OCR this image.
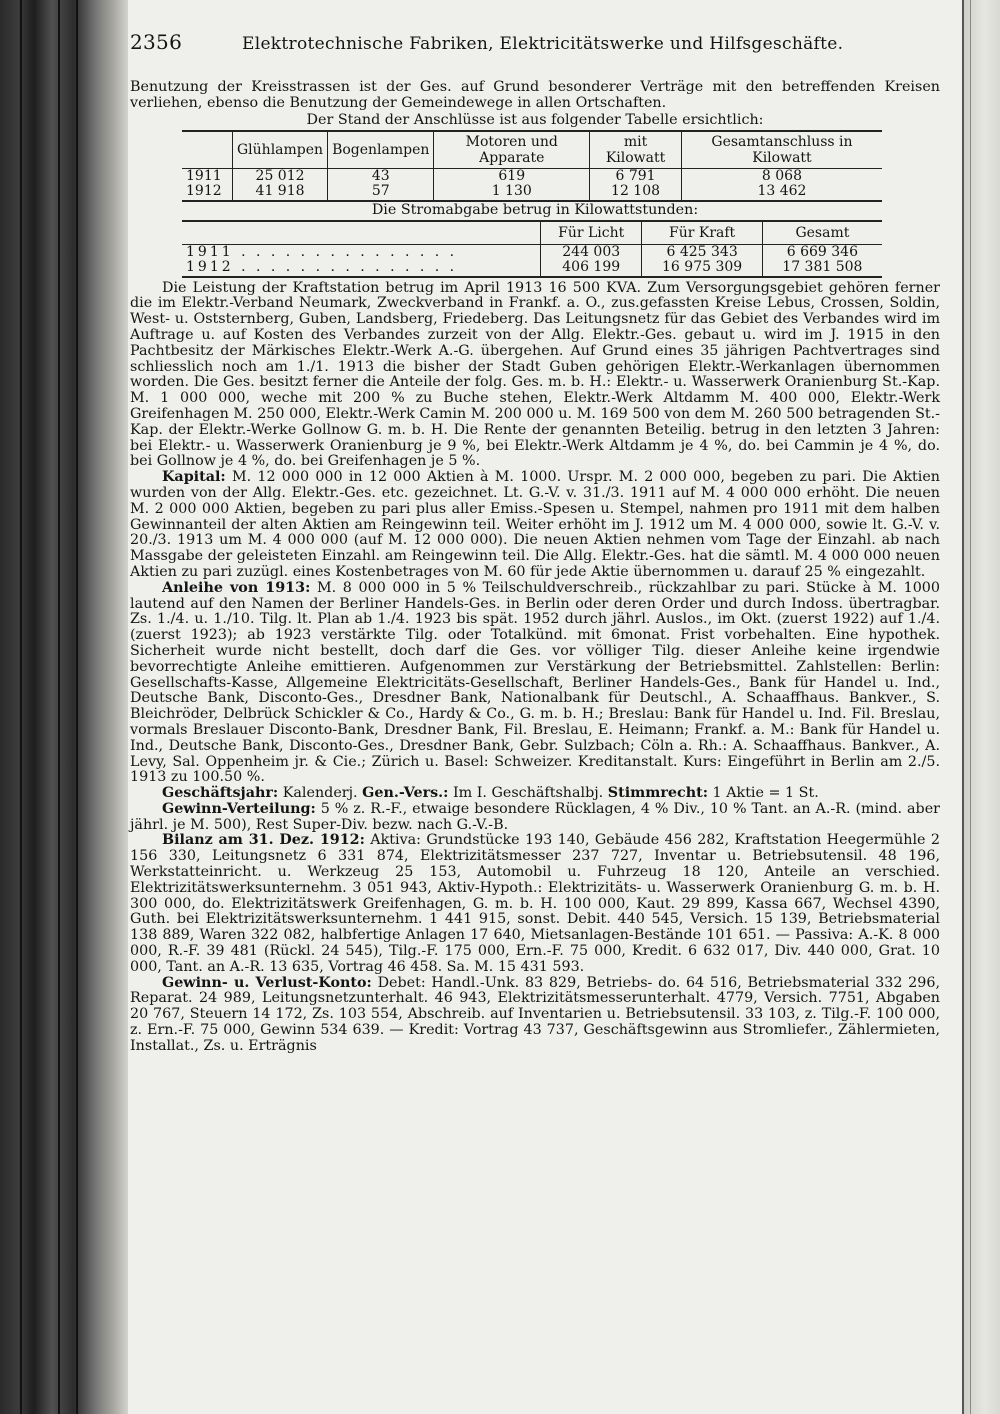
2356	Elektrotechnische Fabriken, Elektricitätswerke und Hilfsgeschäfte.

Benutzung der Kreisstrassen ist der Ges. auf Grund besonderer Verträge mit den betreffenden Kreisen verliehen, ebenso die Benutzung der Gemeindewege in allen Ortschaften.

Der Stand der Anschlüsse ist aus folgender Tabelle ersichtlich:
	Glühlampen	Bogenlampen	Motoren und Apparate	mit Kilowatt	Gesamtanschluss in Kilowatt
1911	25 012	43	619	6 791	8 068
1912	41 918	57	1 130	12 108	13 462
Die Stromabgabe betrug in Kilowattstunden:
	Für Licht	Für Kraft	Gesamt
1911 . . . . . . . . . . . . . . .	244 003	6 425 343	6 669 346
1912 . . . . . . . . . . . . . . .	406 199	16 975 309	17 381 508

Die Leistung der Kraftstation betrug im April 1913 16 500 KVA. Zum Versorgungsgebiet gehören ferner die im Elektr.-Verband Neumark, Zweckverband in Frankf. a. O., zus.gefassten Kreise Lebus, Crossen, Soldin, West- u. Oststernberg, Guben, Landsberg, Friedeberg. Das Leitungsnetz für das Gebiet des Verbandes wird im Auftrage u. auf Kosten des Verbandes zurzeit von der Allg. Elektr.-Ges. gebaut u. wird im J. 1915 in den Pachtbesitz der Märkisches Elektr.-Werk A.-G. übergehen. Auf Grund eines 35 jährigen Pachtvertrages sind schliesslich noch am 1./1. 1913 die bisher der Stadt Guben gehörigen Elektr.-Werkanlagen übernommen worden. Die Ges. besitzt ferner die Anteile der folg. Ges. m. b. H.: Elektr.- u. Wasserwerk Oranienburg St.-Kap. M. 1 000 000, weche mit 200 % zu Buche stehen, Elektr.-Werk Altdamm M. 400 000, Elektr.-Werk Greifenhagen M. 250 000, Elektr.-Werk Camin M. 200 000 u. M. 169 500 von dem M. 260 500 betragenden St.-Kap. der Elektr.-Werke Gollnow G. m. b. H. Die Rente der genannten Beteilig. betrug in den letzten 3 Jahren: bei Elektr.- u. Wasserwerk Oranienburg je 9 %, bei Elektr.-Werk Altdamm je 4 %, do. bei Cammin je 4 %, do. bei Gollnow je 4 %, do. bei Greifenhagen je 5 %.

Kapital: M. 12 000 000 in 12 000 Aktien à M. 1000. Urspr. M. 2 000 000, begeben zu pari. Die Aktien wurden von der Allg. Elektr.-Ges. etc. gezeichnet. Lt. G.-V. v. 31./3. 1911 auf M. 4 000 000 erhöht. Die neuen M. 2 000 000 Aktien, begeben zu pari plus aller Emiss.-Spesen u. Stempel, nahmen pro 1911 mit dem halben Gewinnanteil der alten Aktien am Reingewinn teil. Weiter erhöht im J. 1912 um M. 4 000 000, sowie lt. G.-V. v. 20./3. 1913 um M. 4 000 000 (auf M. 12 000 000). Die neuen Aktien nehmen vom Tage der Einzahl. ab nach Massgabe der geleisteten Einzahl. am Reingewinn teil. Die Allg. Elektr.-Ges. hat die sämtl. M. 4 000 000 neuen Aktien zu pari zuzügl. eines Kostenbetrages von M. 60 für jede Aktie übernommen u. darauf 25 % eingezahlt.

Anleihe von 1913: M. 8 000 000 in 5 % Teilschuldverschreib., rückzahlbar zu pari. Stücke à M. 1000 lautend auf den Namen der Berliner Handels-Ges. in Berlin oder deren Order und durch Indoss. übertragbar. Zs. 1./4. u. 1./10. Tilg. lt. Plan ab 1./4. 1923 bis spät. 1952 durch jährl. Auslos., im Okt. (zuerst 1922) auf 1./4. (zuerst 1923); ab 1923 verstärkte Tilg. oder Totalkünd. mit 6monat. Frist vorbehalten. Eine hypothek. Sicherheit wurde nicht bestellt, doch darf die Ges. vor völliger Tilg. dieser Anleihe keine irgendwie bevorrechtigte Anleihe emittieren. Aufgenommen zur Verstärkung der Betriebsmittel. Zahlstellen: Berlin: Gesellschafts-Kasse, Allgemeine Elektricitäts-Gesellschaft, Berliner Handels-Ges., Bank für Handel u. Ind., Deutsche Bank, Disconto-Ges., Dresdner Bank, Nationalbank für Deutschl., A. Schaaffhaus. Bankver., S. Bleichröder, Delbrück Schickler & Co., Hardy & Co., G. m. b. H.; Breslau: Bank für Handel u. Ind. Fil. Breslau, vormals Breslauer Disconto-Bank, Dresdner Bank, Fil. Breslau, E. Heimann; Frankf. a. M.: Bank für Handel u. Ind., Deutsche Bank, Disconto-Ges., Dresdner Bank, Gebr. Sulzbach; Cöln a. Rh.: A. Schaaffhaus. Bankver., A. Levy, Sal. Oppenheim jr. & Cie.; Zürich u. Basel: Schweizer. Kreditanstalt. Kurs: Eingeführt in Berlin am 2./5. 1913 zu 100.50 %.

Geschäftsjahr: Kalenderj. Gen.-Vers.: Im I. Geschäftshalbj. Stimmrecht: 1 Aktie = 1 St.

Gewinn-Verteilung: 5 % z. R.-F., etwaige besondere Rücklagen, 4 % Div., 10 % Tant. an A.-R. (mind. aber jährl. je M. 500), Rest Super-Div. bezw. nach G.-V.-B.

Bilanz am 31. Dez. 1912: Aktiva: Grundstücke 193 140, Gebäude 456 282, Kraftstation Heegermühle 2 156 330, Leitungsnetz 6 331 874, Elektrizitätsmesser 237 727, Inventar u. Betriebsutensil. 48 196, Werkstatteinricht. u. Werkzeug 25 153, Automobil u. Fuhrzeug 18 120, Anteile an verschied. Elektrizitätswerksunternehm. 3 051 943, Aktiv-Hypoth.: Elektrizitäts- u. Wasserwerk Oranienburg G. m. b. H. 300 000, do. Elektrizitätswerk Greifenhagen, G. m. b. H. 100 000, Kaut. 29 899, Kassa 667, Wechsel 4390, Guth. bei Elektrizitätswerksunternehm. 1 441 915, sonst. Debit. 440 545, Versich. 15 139, Betriebsmaterial 138 889, Waren 322 082, halbfertige Anlagen 17 640, Mietsanlagen-Bestände 101 651. — Passiva: A.-K. 8 000 000, R.-F. 39 481 (Rückl. 24 545), Tilg.-F. 175 000, Ern.-F. 75 000, Kredit. 6 632 017, Div. 440 000, Grat. 10 000, Tant. an A.-R. 13 635, Vortrag 46 458. Sa. M. 15 431 593.

Gewinn- u. Verlust-Konto: Debet: Handl.-Unk. 83 829, Betriebs- do. 64 516, Betriebsmaterial 332 296, Reparat. 24 989, Leitungsnetzunterhalt. 46 943, Elektrizitätsmesserunterhalt. 4779, Versich. 7751, Abgaben 20 767, Steuern 14 172, Zs. 103 554, Abschreib. auf Inventarien u. Betriebsutensil. 33 103, z. Tilg.-F. 100 000, z. Ern.-F. 75 000, Gewinn 534 639. — Kredit: Vortrag 43 737, Geschäftsgewinn aus Stromliefer., Zählermieten, Installat., Zs. u. Erträgnis
